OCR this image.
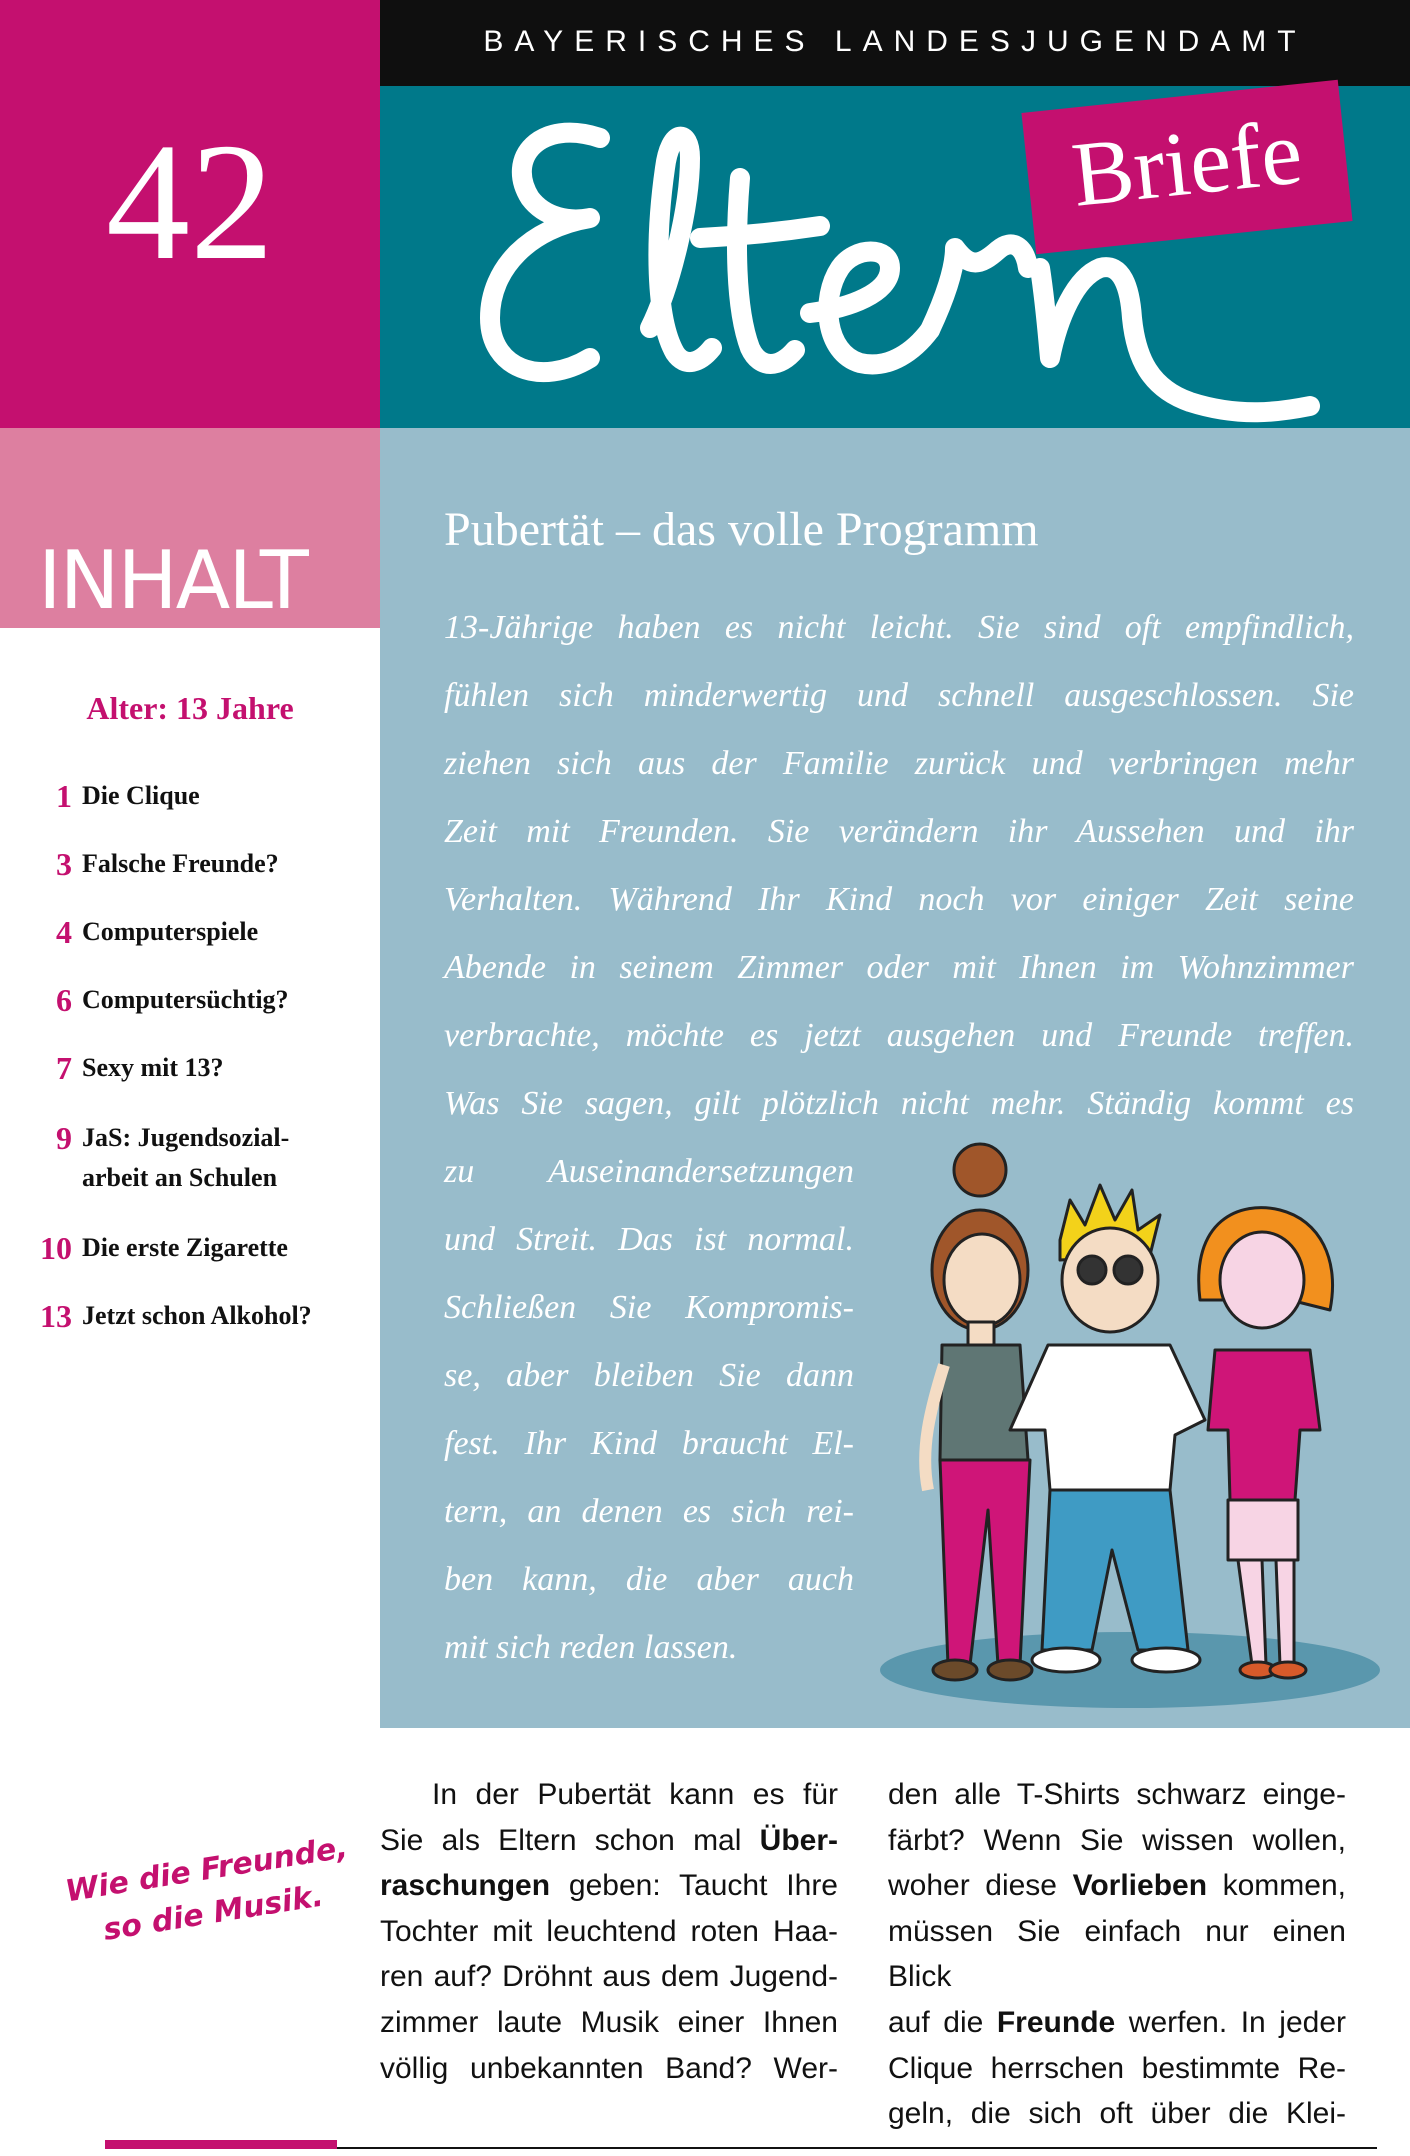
42
BAYERISCHES LANDESJUGENDAMT
Briefe
INHALT
Alter: 13 Jahre
1 Die Clique
3 Falsche Freunde?
4 Computerspiele
6 Computersüchtig?
7 Sexy mit 13?
9 JaS: Jugendsozial-
arbeit an Schulen
10 Die erste Zigarette
13 Jetzt schon Alkohol?
Pubertät – das volle Programm
13-Jährige haben es nicht leicht. Sie sind oft empfindlich,
fühlen sich minderwertig und schnell ausgeschlossen. Sie
ziehen sich aus der Familie zurück und verbringen mehr
Zeit mit Freunden. Sie verändern ihr Aussehen und ihr
Verhalten. Während Ihr Kind noch vor einiger Zeit seine
Abende in seinem Zimmer oder mit Ihnen im Wohnzimmer
verbrachte, möchte es jetzt ausgehen und Freunde treffen.
Was Sie sagen, gilt plötzlich nicht mehr. Ständig kommt es
zu Auseinandersetzungen
und Streit. Das ist normal.
Schließen Sie Kompromis-
se, aber bleiben Sie dann
fest. Ihr Kind braucht El-
tern, an denen es sich rei-
ben kann, die aber auch
mit sich reden lassen.
Wie die Freunde, so die Musik.
In der Pubertät kann es für
Sie als Eltern schon mal Über-
raschungen geben: Taucht Ihre
Tochter mit leuchtend roten Haa-
ren auf? Dröhnt aus dem Jugend-
zimmer laute Musik einer Ihnen
völlig unbekannten Band? Wer-
den alle T-Shirts schwarz einge-
färbt? Wenn Sie wissen wollen,
woher diese Vorlieben kommen,
müssen Sie einfach nur einen Blick
auf die Freunde werfen. In jeder
Clique herrschen bestimmte Re-
geln, die sich oft über die Klei-
